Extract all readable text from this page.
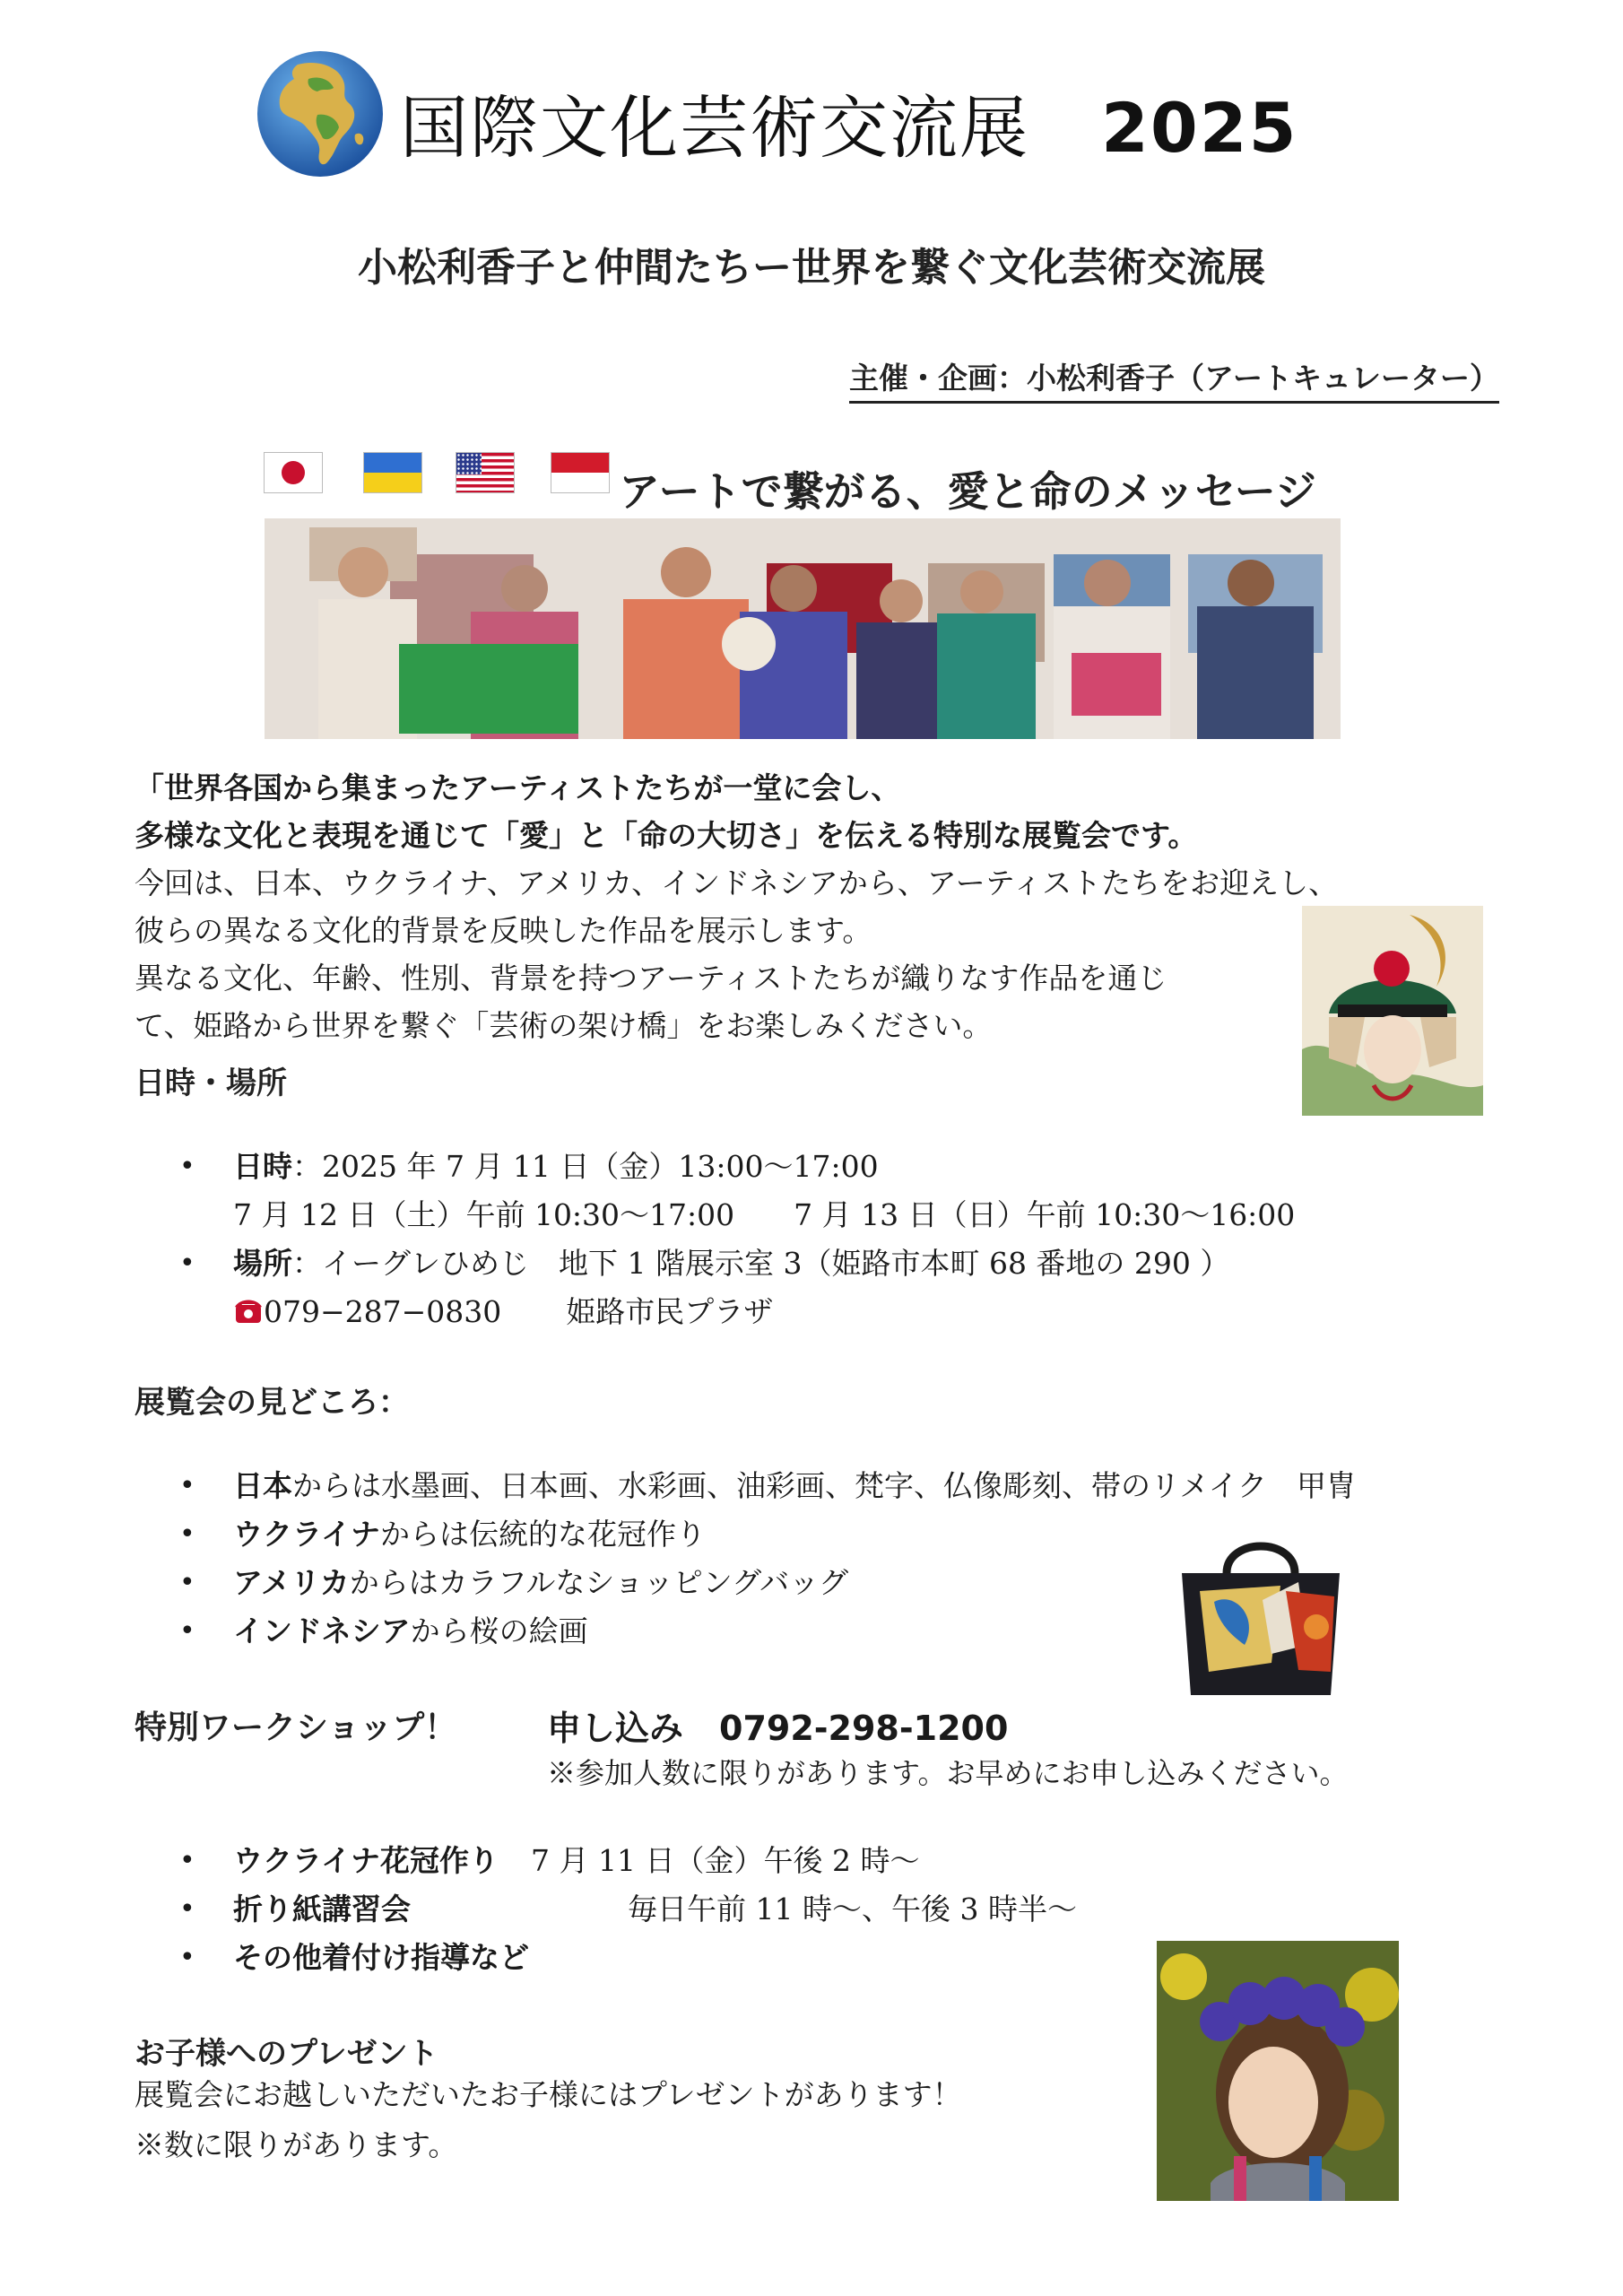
国際文化芸術交流展 2025
小松利香子と仲間たちー世界を繋ぐ文化芸術交流展
主催・企画：小松利香子（アートキュレーター）
アートで繋がる、愛と命のメッセージ
「世界各国から集まったアーティストたちが一堂に会し、
多様な文化と表現を通じて「愛」と「命の大切さ」を伝える特別な展覧会です。
今回は、日本、ウクライナ、アメリカ、インドネシアから、アーティストたちをお迎えし、
彼らの異なる文化的背景を反映した作品を展示します。
異なる文化、年齢、性別、背景を持つアーティストたちが織りなす作品を通じ
て、姫路から世界を繋ぐ「芸術の架け橋」をお楽しみください。
日時・場所
• 日時：2025 年 7 月 11 日（金）13:00～17:00
7 月 12 日（土）午前 10:30～17:00　　7 月 13 日（日）午前 10:30～16:00
• 場所：イーグレひめじ　地下 1 階展示室 3（姫路市本町 68 番地の 290 ）
079−287−0830 姫路市民プラザ
展覧会の見どころ：
• 日本からは水墨画、日本画、水彩画、油彩画、梵字、仏像彫刻、帯のリメイク　甲冑
• ウクライナからは伝統的な花冠作り
• アメリカからはカラフルなショッピングバッグ
• インドネシアから桜の絵画
特別ワークショップ！	申し込み 0792-298-1200
※参加人数に限りがあります。お早めにお申し込みください。
• ウクライナ花冠作り 7 月 11 日（金）午後 2 時～
• 折り紙講習会	毎日午前 11 時～、午後 3 時半～
• その他着付け指導など
お子様へのプレゼント
展覧会にお越しいただいたお子様にはプレゼントがあります！
※数に限りがあります。
